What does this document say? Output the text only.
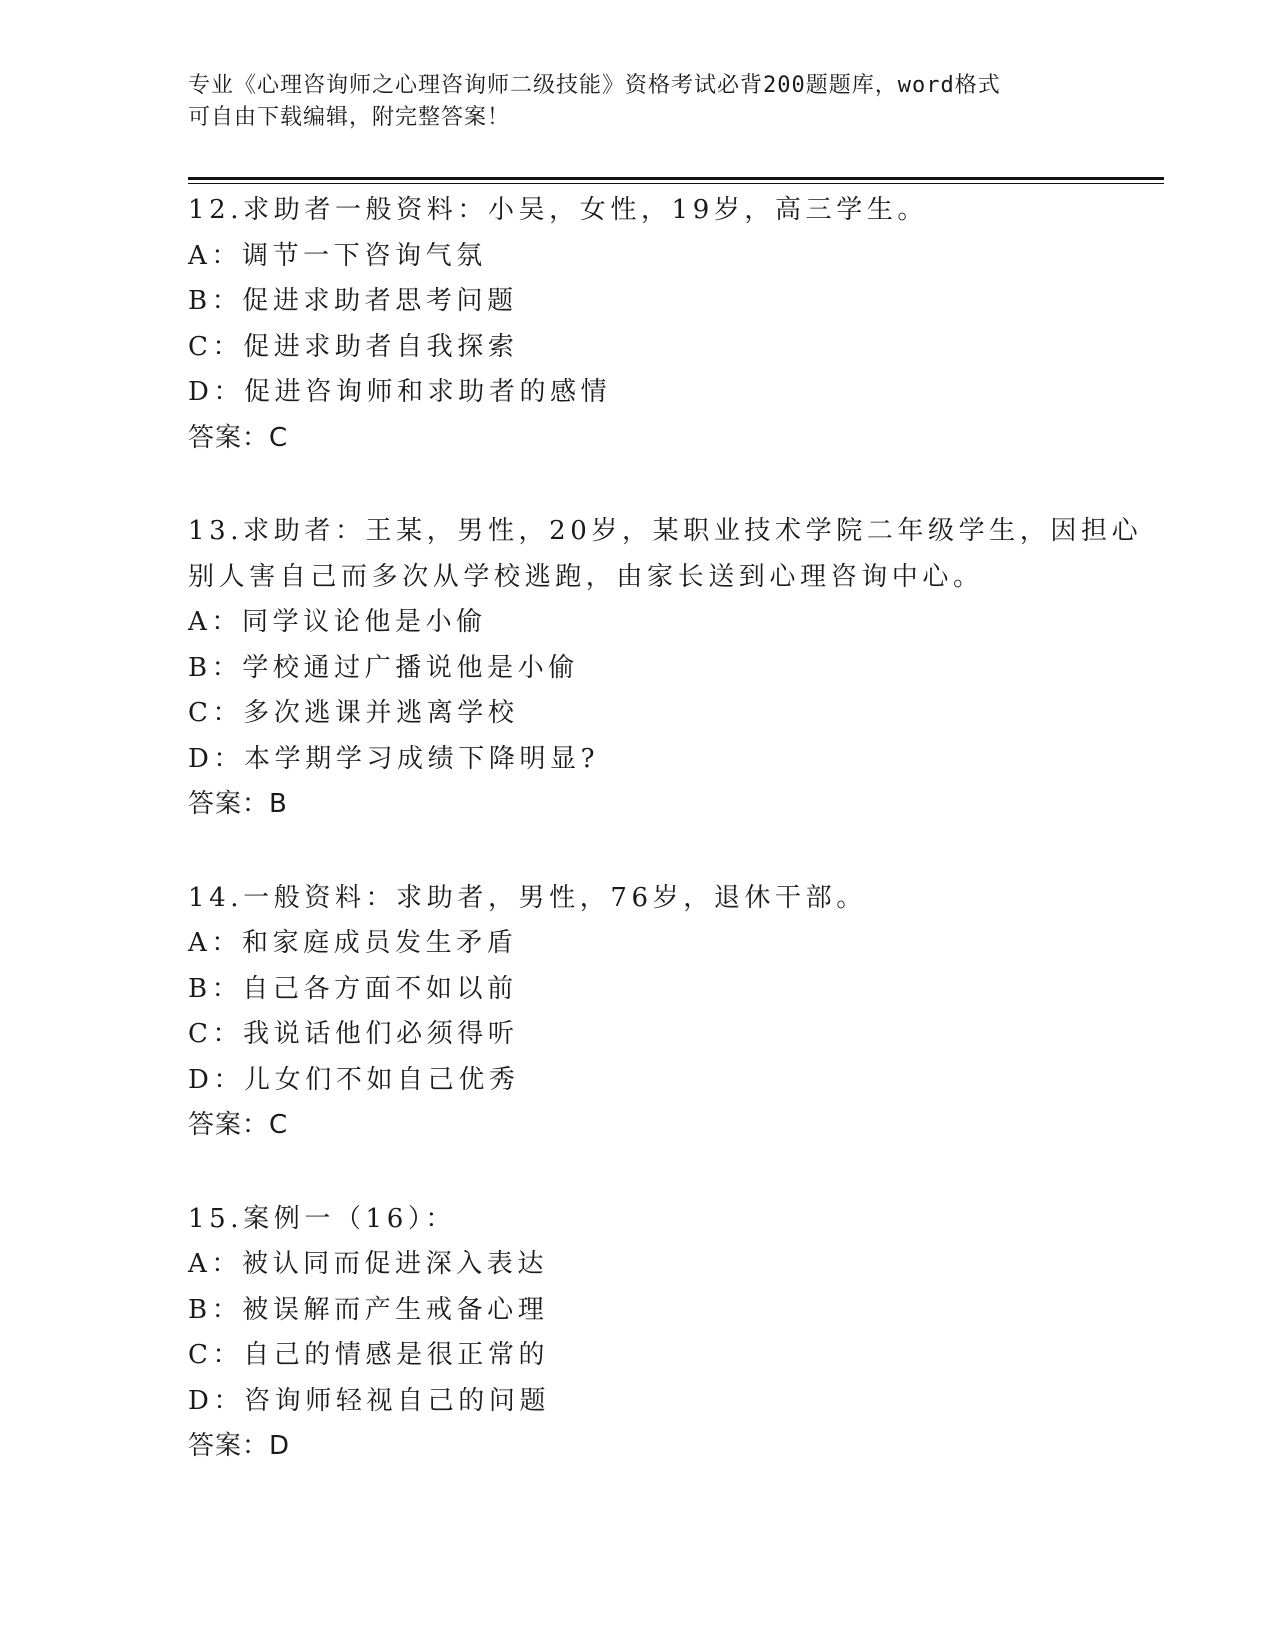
专业《心理咨询师之心理咨询师二级技能》资格考试必背200题题库，word格式
可自由下载编辑，附完整答案！
12.求助者一般资料：小吴，女性，19岁，高三学生。
A：调节一下咨询气氛
B：促进求助者思考问题
C：促进求助者自我探索
D：促进咨询师和求助者的感情
答案：C
13.求助者：王某，男性，20岁，某职业技术学院二年级学生，因担心
别人害自己而多次从学校逃跑，由家长送到心理咨询中心。
A：同学议论他是小偷
B：学校通过广播说他是小偷
C：多次逃课并逃离学校
D：本学期学习成绩下降明显?
答案：B
14.一般资料：求助者，男性，76岁，退休干部。
A：和家庭成员发生矛盾
B：自己各方面不如以前
C：我说话他们必须得听
D：儿女们不如自己优秀
答案：C
15.案例一（16）：
A：被认同而促进深入表达
B：被误解而产生戒备心理
C：自己的情感是很正常的
D：咨询师轻视自己的问题
答案：D
